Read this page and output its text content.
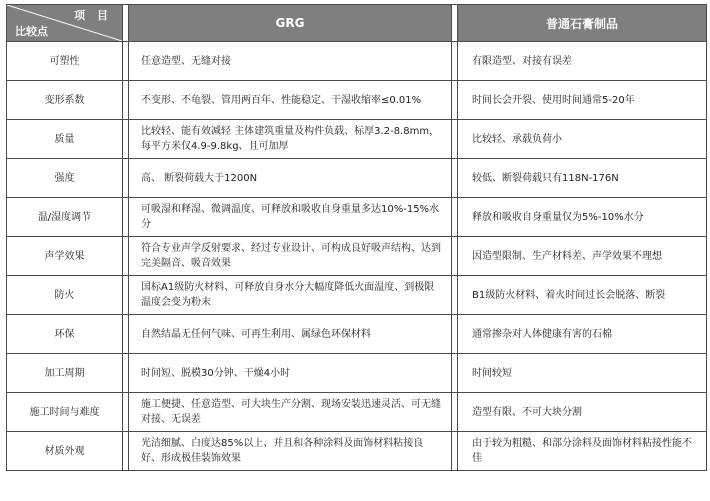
项 目
比较点		GRG		普通石膏制品
可塑性		任意造型、无缝对接		有限造型、对接有误差
变形系数		不变形、不龟裂、管用两百年、性能稳定、干湿收缩率≤0.01%		时间长会开裂、使用时间通常5-20年
质量		比较轻、能有效减轻 主体建筑重量及构件负载、标厚3.2-8.8mm，每平方米仅4.9-9.8kg、且可加厚		比较轻、承载负荷小
强度		高、 断裂荷载大于1200N		较低、断裂荷载只有118N-176N
温/湿度调节		可吸湿和释湿、微调温度、可释放和吸收自身重量多达10%-15%水分		释放和吸收自身重量仅为5%-10%水分
声学效果		符合专业声学反射要求、经过专业设计、可构成良好吸声结构、达到完美隔音、吸音效果		因造型限制、生产材料差、声学效果不理想
防火		国标A1级防火材料、可释放自身水分大幅度降低火面温度、到极限温度会变为粉末		B1级防火材料、着火时间过长会脱落、断裂
环保		自然结晶无任何气味、可再生利用、属绿色环保材料		通常掺杂对人体健康有害的石棉
加工周期		时间短、脱模30分钟、干燥4小时		时间较短
施工时间与难度		施工便捷、任意造型、可大块生产分割、现场安装迅速灵活、可无缝对接、无误差		造型有限、不可大块分割
材质外观		光洁细腻、白度达85%以上、并且和各种涂料及面饰材料粘接良好、形成极佳装饰效果		由于较为粗糙、和部分涂料及面饰材料粘接性能不佳
